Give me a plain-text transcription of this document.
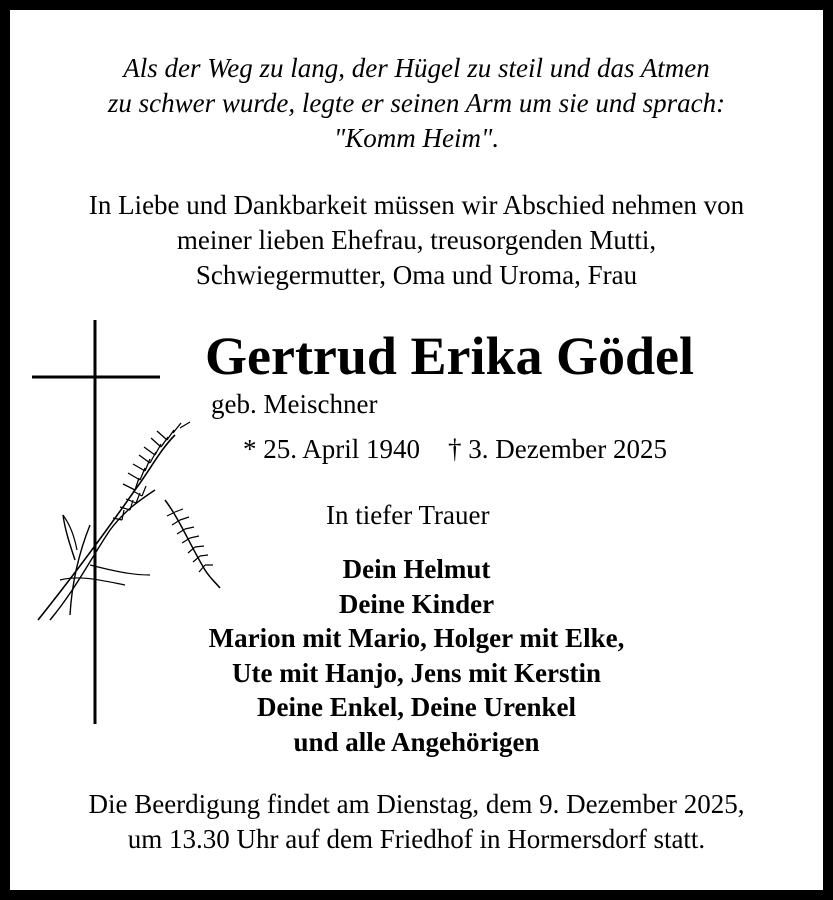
Als der Weg zu lang, der Hügel zu steil und das Atmen
zu schwer wurde, legte er seinen Arm um sie und sprach:
"Komm Heim".
In Liebe und Dankbarkeit müssen wir Abschied nehmen von
meiner lieben Ehefrau, treusorgenden Mutti,
Schwiegermutter, Oma und Uroma, Frau
Gertrud Erika Gödel
geb. Meischner
* 25. April 1940 † 3. Dezember 2025
In tiefer Trauer
Dein Helmut
Deine Kinder
Marion mit Mario, Holger mit Elke,
Ute mit Hanjo, Jens mit Kerstin
Deine Enkel, Deine Urenkel
und alle Angehörigen
Die Beerdigung findet am Dienstag, dem 9. Dezember 2025,
um 13.30 Uhr auf dem Friedhof in Hormersdorf statt.
